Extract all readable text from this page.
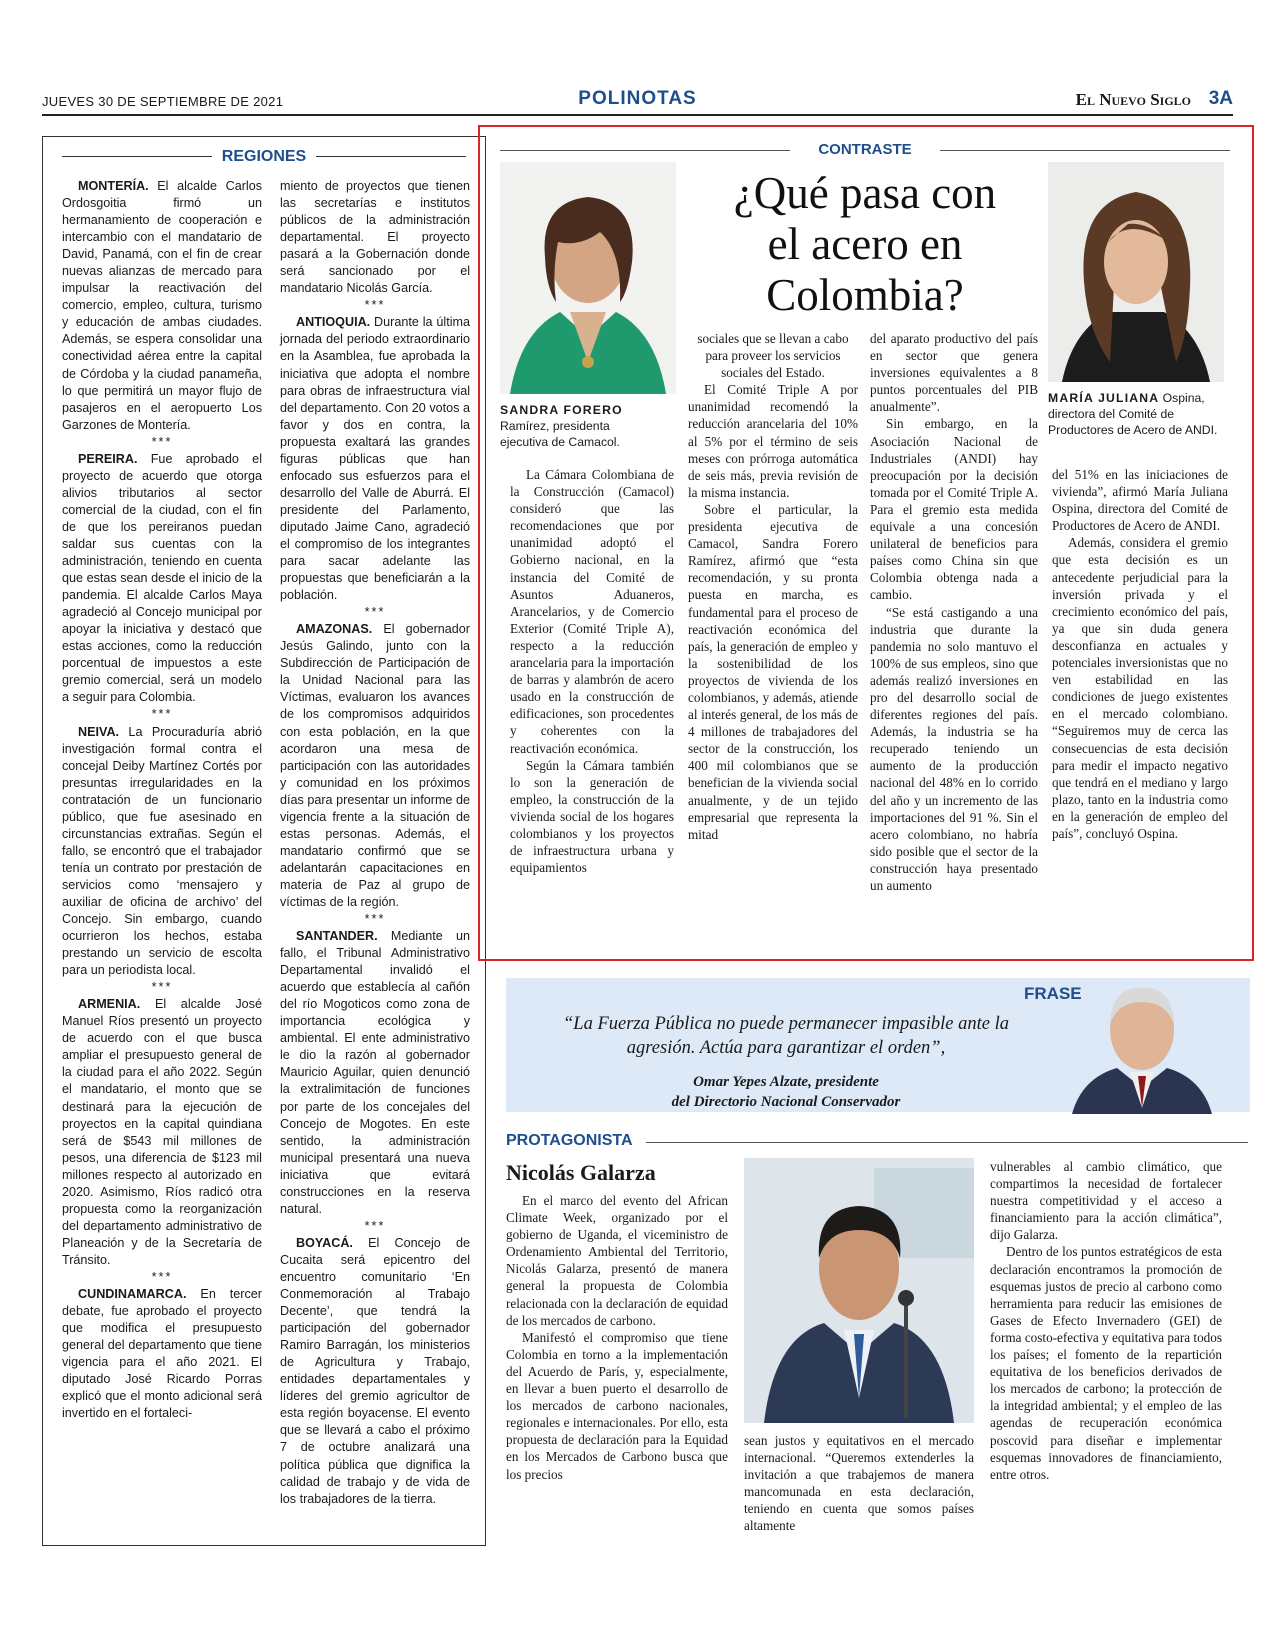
JUEVES 30 DE SEPTIEMBRE DE 2021	POLINOTAS	El Nuevo Siglo 3A
REGIONES

MONTERÍA. El alcalde Carlos Ordosgoitia firmó un hermanamiento de cooperación e intercambio con el mandatario de David, Panamá, con el fin de crear nuevas alianzas de mercado para impulsar la reactivación del comercio, empleo, cultura, turismo y educación de ambas ciudades. Además, se espera consolidar una conectividad aérea entre la capital de Córdoba y la ciudad panameña, lo que permitirá un mayor flujo de pasajeros en el aeropuerto Los Garzones de Montería.

***

PEREIRA. Fue aprobado el proyecto de acuerdo que otorga alivios tributarios al sector comercial de la ciudad, con el fin de que los pereiranos puedan saldar sus cuentas con la administración, teniendo en cuenta que estas sean desde el inicio de la pandemia. El alcalde Carlos Maya agradeció al Concejo municipal por apoyar la iniciativa y destacó que estas acciones, como la reducción porcentual de impuestos a este gremio comercial, será un modelo a seguir para Colombia.

***

NEIVA. La Procuraduría abrió investigación formal contra el concejal Deiby Martínez Cortés por presuntas irregularidades en la contratación de un funcionario público, que fue asesinado en circunstancias extrañas. Según el fallo, se encontró que el trabajador tenía un contrato por prestación de servicios como ‘mensajero y auxiliar de oficina de archivo’ del Concejo. Sin embargo, cuando ocurrieron los hechos, estaba prestando un servicio de escolta para un periodista local.

***

ARMENIA. El alcalde José Manuel Ríos presentó un proyecto de acuerdo con el que busca ampliar el presupuesto general de la ciudad para el año 2022. Según el mandatario, el monto que se destinará para la ejecución de proyectos en la capital quindiana será de $543 mil millones de pesos, una diferencia de $123 mil millones respecto al autorizado en 2020. Asimismo, Ríos radicó otra propuesta como la reorganización del departamento administrativo de Planeación y de la Secretaría de Tránsito.

***

CUNDINAMARCA. En tercer debate, fue aprobado el proyecto que modifica el presupuesto general del departamento que tiene vigencia para el año 2021. El diputado José Ricardo Porras explicó que el monto adicional será invertido en el fortaleci-

miento de proyectos que tienen las secretarías e institutos públicos de la administración departamental. El proyecto pasará a la Gobernación donde será sancionado por el mandatario Nicolás García.

***

ANTIOQUIA. Durante la última jornada del periodo extraordinario en la Asamblea, fue aprobada la iniciativa que adopta el nombre para obras de infraestructura vial del departamento. Con 20 votos a favor y dos en contra, la propuesta exaltará las grandes figuras públicas que han enfocado sus esfuerzos para el desarrollo del Valle de Aburrá. El presidente del Parlamento, diputado Jaime Cano, agradeció el compromiso de los integrantes para sacar adelante las propuestas que beneficiarán a la población.

***

AMAZONAS. El gobernador Jesús Galindo, junto con la Subdirección de Participación de la Unidad Nacional para las Víctimas, evaluaron los avances de los compromisos adquiridos con esta población, en la que acordaron una mesa de participación con las autoridades y comunidad en los próximos días para presentar un informe de vigencia frente a la situación de estas personas. Además, el mandatario confirmó que se adelantarán capacitaciones en materia de Paz al grupo de víctimas de la región.

***

SANTANDER. Mediante un fallo, el Tribunal Administrativo Departamental invalidó el acuerdo que establecía al cañón del río Mogoticos como zona de importancia ecológica y ambiental. El ente administrativo le dio la razón al gobernador Mauricio Aguilar, quien denunció la extralimitación de funciones por parte de los concejales del Concejo de Mogotes. En este sentido, la administración municipal presentará una nueva iniciativa que evitará construcciones en la reserva natural.

***

BOYACÁ. El Concejo de Cucaita será epicentro del encuentro comunitario ‘En Conmemoración al Trabajo Decente’, que tendrá la participación del gobernador Ramiro Barragán, los ministerios de Agricultura y Trabajo, entidades departamentales y líderes del gremio agricultor de esta región boyacense. El evento que se llevará a cabo el próximo 7 de octubre analizará una política pública que dignifica la calidad de trabajo y de vida de los trabajadores de la tierra.

CONTRASTE
SANDRA FORERO
Ramírez, presidenta ejecutiva de Camacol.
¿Qué pasa con
el acero en
Colombia?
MARÍA JULIANA Ospina, directora del Comité de Productores de Acero de ANDI.

La Cámara Colombiana de la Construcción (Camacol) consideró que las recomendaciones que por unanimidad adoptó el Gobierno nacional, en la instancia del Comité de Asuntos Aduaneros, Arancelarios, y de Comercio Exterior (Comité Triple A), respecto a la reducción arancelaria para la importación de barras y alambrón de acero usado en la construcción de edificaciones, son procedentes y coherentes con la reactivación económica.

Según la Cámara también lo son la generación de empleo, la construcción de la vivienda social de los hogares colombianos y los proyectos de infraestructura urbana y equipamientos

sociales que se llevan a cabo para proveer los servicios sociales del Estado.

El Comité Triple A por unanimidad recomendó la reducción arancelaria del 10% al 5% por el término de seis meses con prórroga automática de seis más, previa revisión de la misma instancia.

Sobre el particular, la presidenta ejecutiva de Camacol, Sandra Forero Ramírez, afirmó que “esta recomendación, y su pronta puesta en marcha, es fundamental para el proceso de reactivación económica del país, la generación de empleo y la sostenibilidad de los proyectos de vivienda de los colombianos, y además, atiende al interés general, de los más de 4 millones de trabajadores del sector de la construcción, los 400 mil colombianos que se benefician de la vivienda social anualmente, y de un tejido empresarial que representa la mitad

del aparato productivo del país en sector que genera inversiones equivalentes a 8 puntos porcentuales del PIB anualmente”.

Sin embargo, en la Asociación Nacional de Industriales (ANDI) hay preocupación por la decisión tomada por el Comité Triple A. Para el gremio esta medida equivale a una concesión unilateral de beneficios para países como China sin que Colombia obtenga nada a cambio.

“Se está castigando a una industria que durante la pandemia no solo mantuvo el 100% de sus empleos, sino que además realizó inversiones en pro del desarrollo social de diferentes regiones del país. Además, la industria se ha recuperado teniendo un aumento de la producción nacional del 48% en lo corrido del año y un incremento de las importaciones del 91 %. Sin el acero colombiano, no habría sido posible que el sector de la construcción haya presentado un aumento

del 51% en las iniciaciones de vivienda”, afirmó María Juliana Ospina, directora del Comité de Productores de Acero de ANDI.

Además, considera el gremio que esta decisión es un antecedente perjudicial para la inversión privada y el crecimiento económico del país, ya que sin duda genera desconfianza en actuales y potenciales inversionistas que no ven estabilidad en las condiciones de juego existentes en el mercado colombiano. “Seguiremos muy de cerca las consecuencias de esta decisión para medir el impacto negativo que tendrá en el mediano y largo plazo, tanto en la industria como en la generación de empleo del país”, concluyó Ospina.

FRASE
“La Fuerza Pública no puede permanecer impasible ante la
agresión. Actúa para garantizar el orden”,
Omar Yepes Alzate, presidente
del Directorio Nacional Conservador
PROTAGONISTA
Nicolás Galarza

En el marco del evento del African Climate Week, organizado por el gobierno de Uganda, el viceministro de Ordenamiento Ambiental del Territorio, Nicolás Galarza, presentó de manera general la propuesta de Colombia relacionada con la declaración de equidad de los mercados de carbono.

Manifestó el compromiso que tiene Colombia en torno a la implementación del Acuerdo de París, y, especialmente, en llevar a buen puerto el desarrollo de los mercados de carbono nacionales, regionales e internacionales. Por ello, esta propuesta de declaración para la Equidad en los Mercados de Carbono busca que los precios

sean justos y equitativos en el mercado internacional. “Queremos extenderles la invitación a que trabajemos de manera mancomunada en esta declaración, teniendo en cuenta que somos países altamente

vulnerables al cambio climático, que compartimos la necesidad de fortalecer nuestra competitividad y el acceso a financiamiento para la acción climática”, dijo Galarza.

Dentro de los puntos estratégicos de esta declaración encontramos la promoción de esquemas justos de precio al carbono como herramienta para reducir las emisiones de Gases de Efecto Invernadero (GEI) de forma costo-efectiva y equitativa para todos los países; el fomento de la repartición equitativa de los beneficios derivados de los mercados de carbono; la protección de la integridad ambiental; y el empleo de las agendas de recuperación económica poscovid para diseñar e implementar esquemas innovadores de financiamiento, entre otros.
